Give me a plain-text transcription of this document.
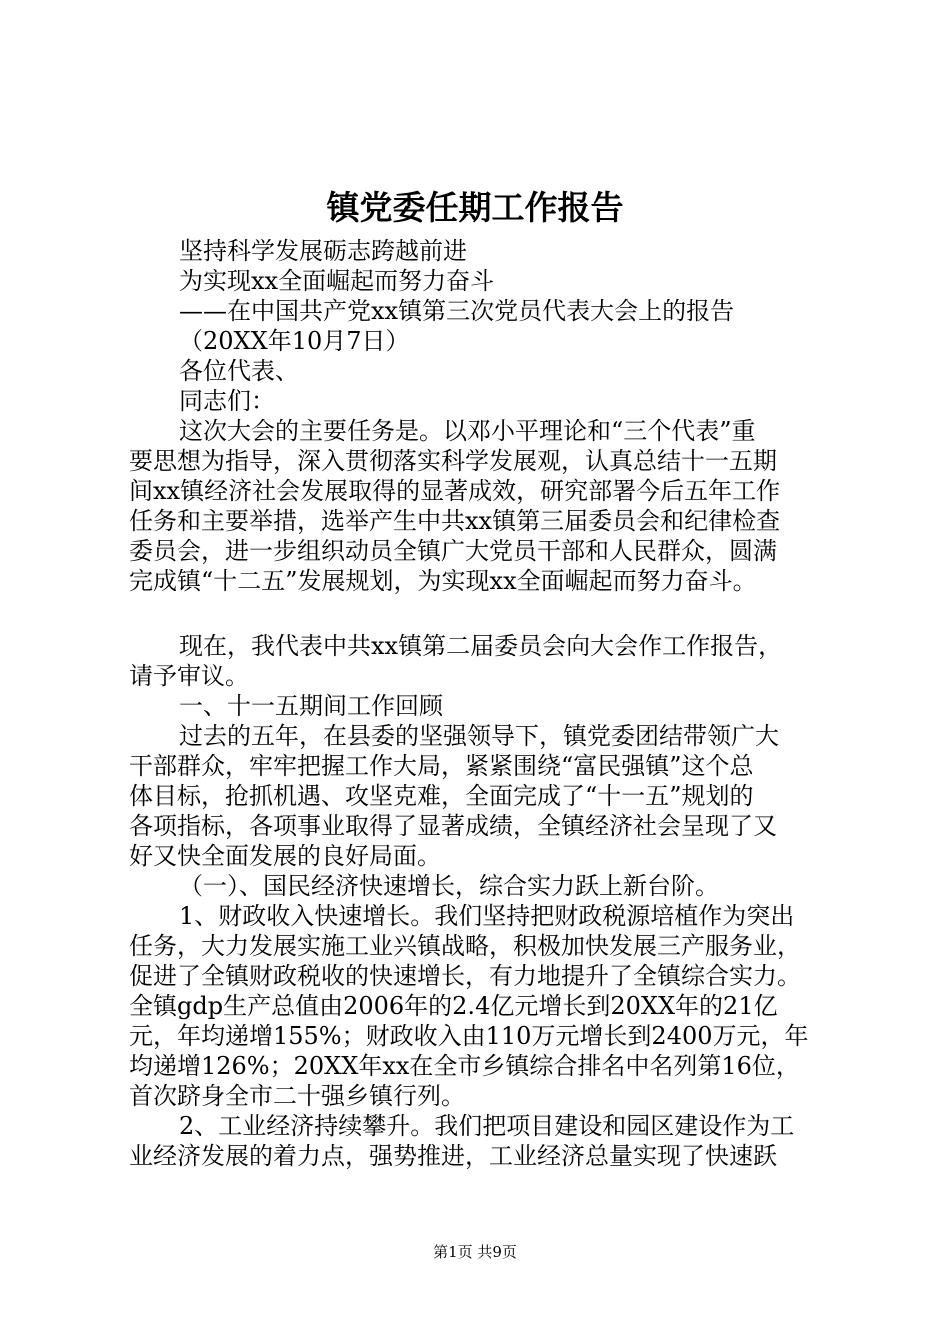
镇党委任期工作报告
坚持科学发展砺志跨越前进
为实现xx全面崛起而努力奋斗
——在中国共产党xx镇第三次党员代表大会上的报告
（20XX年10月7日）
各位代表、
同志们：
这次大会的主要任务是。以邓小平理论和“三个代表”重
要思想为指导，深入贯彻落实科学发展观，认真总结十一五期
间xx镇经济社会发展取得的显著成效，研究部署今后五年工作
任务和主要举措，选举产生中共xx镇第三届委员会和纪律检查
委员会，进一步组织动员全镇广大党员干部和人民群众，圆满
完成镇“十二五”发展规划，为实现xx全面崛起而努力奋斗。
现在，我代表中共xx镇第二届委员会向大会作工作报告，
请予审议。
一、十一五期间工作回顾
过去的五年，在县委的坚强领导下，镇党委团结带领广大
干部群众，牢牢把握工作大局，紧紧围绕“富民强镇”这个总
体目标，抢抓机遇、攻坚克难，全面完成了“十一五”规划的
各项指标，各项事业取得了显著成绩，全镇经济社会呈现了又
好又快全面发展的良好局面。
（一）、国民经济快速增长，综合实力跃上新台阶。
1、财政收入快速增长。我们坚持把财政税源培植作为突出
任务，大力发展实施工业兴镇战略，积极加快发展三产服务业，
促进了全镇财政税收的快速增长，有力地提升了全镇综合实力。
全镇gdp生产总值由2006年的2.4亿元增长到20XX年的21亿
元，年均递增155%；财政收入由110万元增长到2400万元，年
均递增126%；20XX年xx在全市乡镇综合排名中名列第16位，
首次跻身全市二十强乡镇行列。
2、工业经济持续攀升。我们把项目建设和园区建设作为工
业经济发展的着力点，强势推进，工业经济总量实现了快速跃
第1页 共9页
